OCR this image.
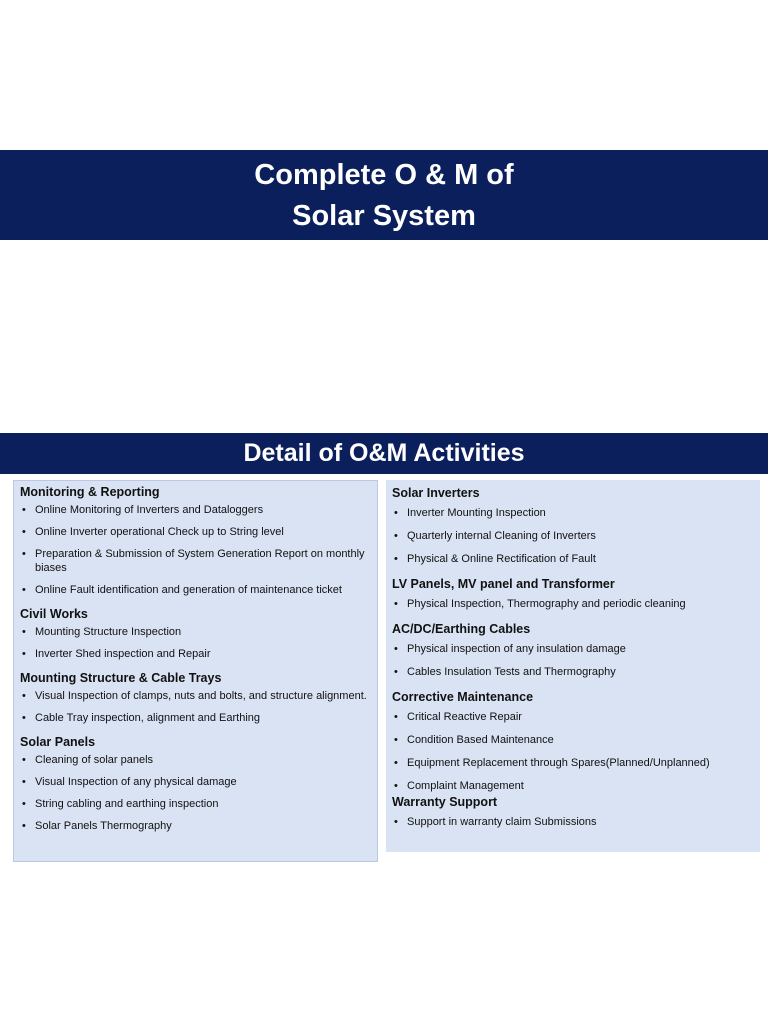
Complete O & M of
Solar System
Detail of O&M Activities
Monitoring & Reporting
• Online Monitoring of Inverters and Dataloggers
• Online Inverter operational Check up to String level
• Preparation & Submission of System Generation Report on monthly biases
• Online Fault identification and generation of maintenance ticket
Civil Works
• Mounting Structure Inspection
• Inverter Shed inspection and Repair
Mounting Structure & Cable Trays
• Visual Inspection of clamps, nuts and bolts, and structure alignment.
• Cable Tray inspection, alignment and Earthing
Solar Panels
• Cleaning of solar panels
• Visual Inspection of any physical damage
• String cabling and earthing inspection
• Solar Panels Thermography
Solar Inverters
• Inverter Mounting Inspection
• Quarterly internal Cleaning of Inverters
• Physical & Online Rectification of Fault
LV Panels, MV panel and Transformer
• Physical Inspection, Thermography and periodic cleaning
AC/DC/Earthing Cables
• Physical inspection of any insulation damage
• Cables Insulation Tests and Thermography
Corrective Maintenance
• Critical Reactive Repair
• Condition Based Maintenance
• Equipment Replacement through Spares(Planned/Unplanned)
• Complaint Management
Warranty Support
• Support in warranty claim Submissions
